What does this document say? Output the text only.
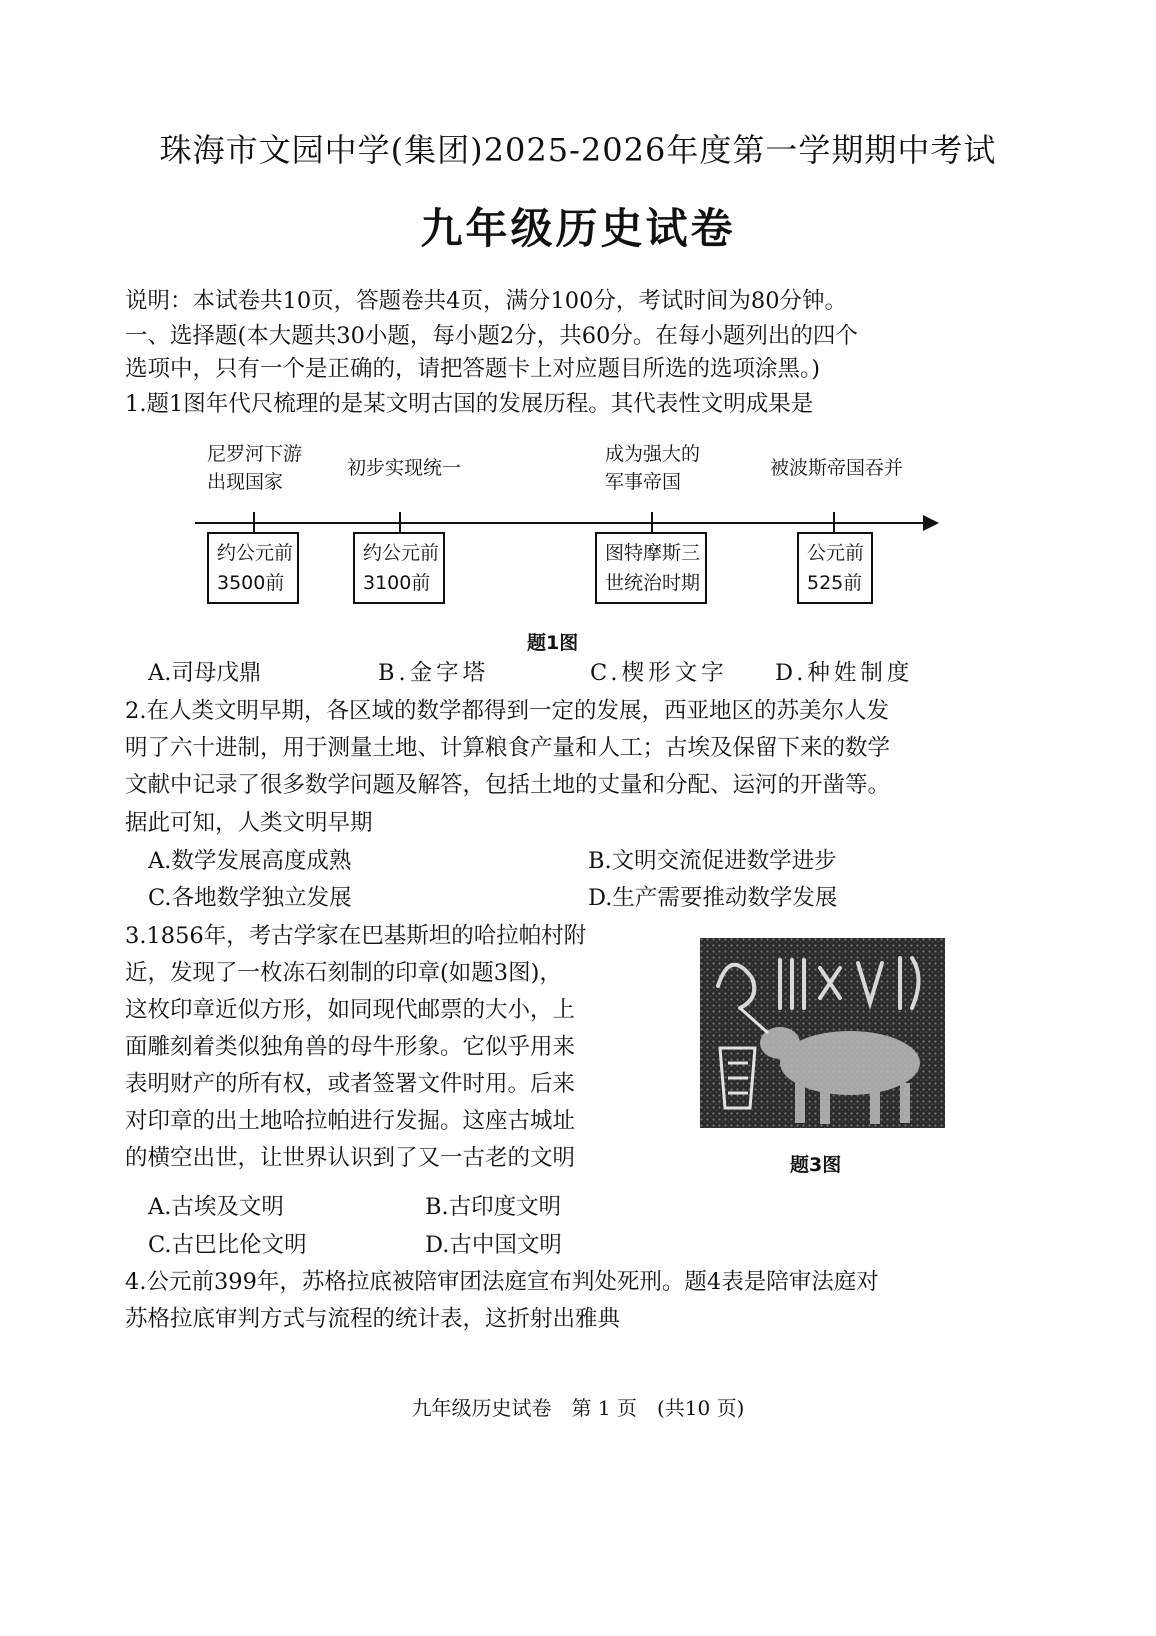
珠海市文园中学(集团)2025-2026年度第一学期期中考试
九年级历史试卷
说明：本试卷共10页，答题卷共4页，满分100分，考试时间为80分钟。
一、选择题(本大题共30小题，每小题2分，共60分。在每小题列出的四个
选项中，只有一个是正确的，请把答题卡上对应题目所选的选项涂黑。)
1.题1图年代尺梳理的是某文明古国的发展历程。其代表性文明成果是
尼罗河下游
出现国家
约公元前
3500前
初步实现统一
约公元前
3100前
成为强大的
军事帝国
图特摩斯三
世统治时期
被波斯帝国吞并
公元前
525前
题1图
A.司母戊鼎	B.金字塔	C.楔形文字 D.种姓制度
2.在人类文明早期，各区域的数学都得到一定的发展，西亚地区的苏美尔人发
明了六十进制，用于测量土地、计算粮食产量和人工；古埃及保留下来的数学
文献中记录了很多数学问题及解答，包括土地的丈量和分配、运河的开凿等。
据此可知，人类文明早期
A.数学发展高度成熟	B.文明交流促进数学进步
C.各地数学独立发展	D.生产需要推动数学发展
3.1856年，考古学家在巴基斯坦的哈拉帕村附
近，发现了一枚冻石刻制的印章(如题3图)，
这枚印章近似方形，如同现代邮票的大小，上
面雕刻着类似独角兽的母牛形象。它似乎用来
表明财产的所有权，或者签署文件时用。后来
对印章的出土地哈拉帕进行发掘。这座古城址
的横空出世，让世界认识到了又一古老的文明	题3图
A.古埃及文明	B.古印度文明
C.古巴比伦文明	D.古中国文明
4.公元前399年，苏格拉底被陪审团法庭宣布判处死刑。题4表是陪审法庭对
苏格拉底审判方式与流程的统计表，这折射出雅典
九年级历史试卷　第 1 页　(共10 页)
